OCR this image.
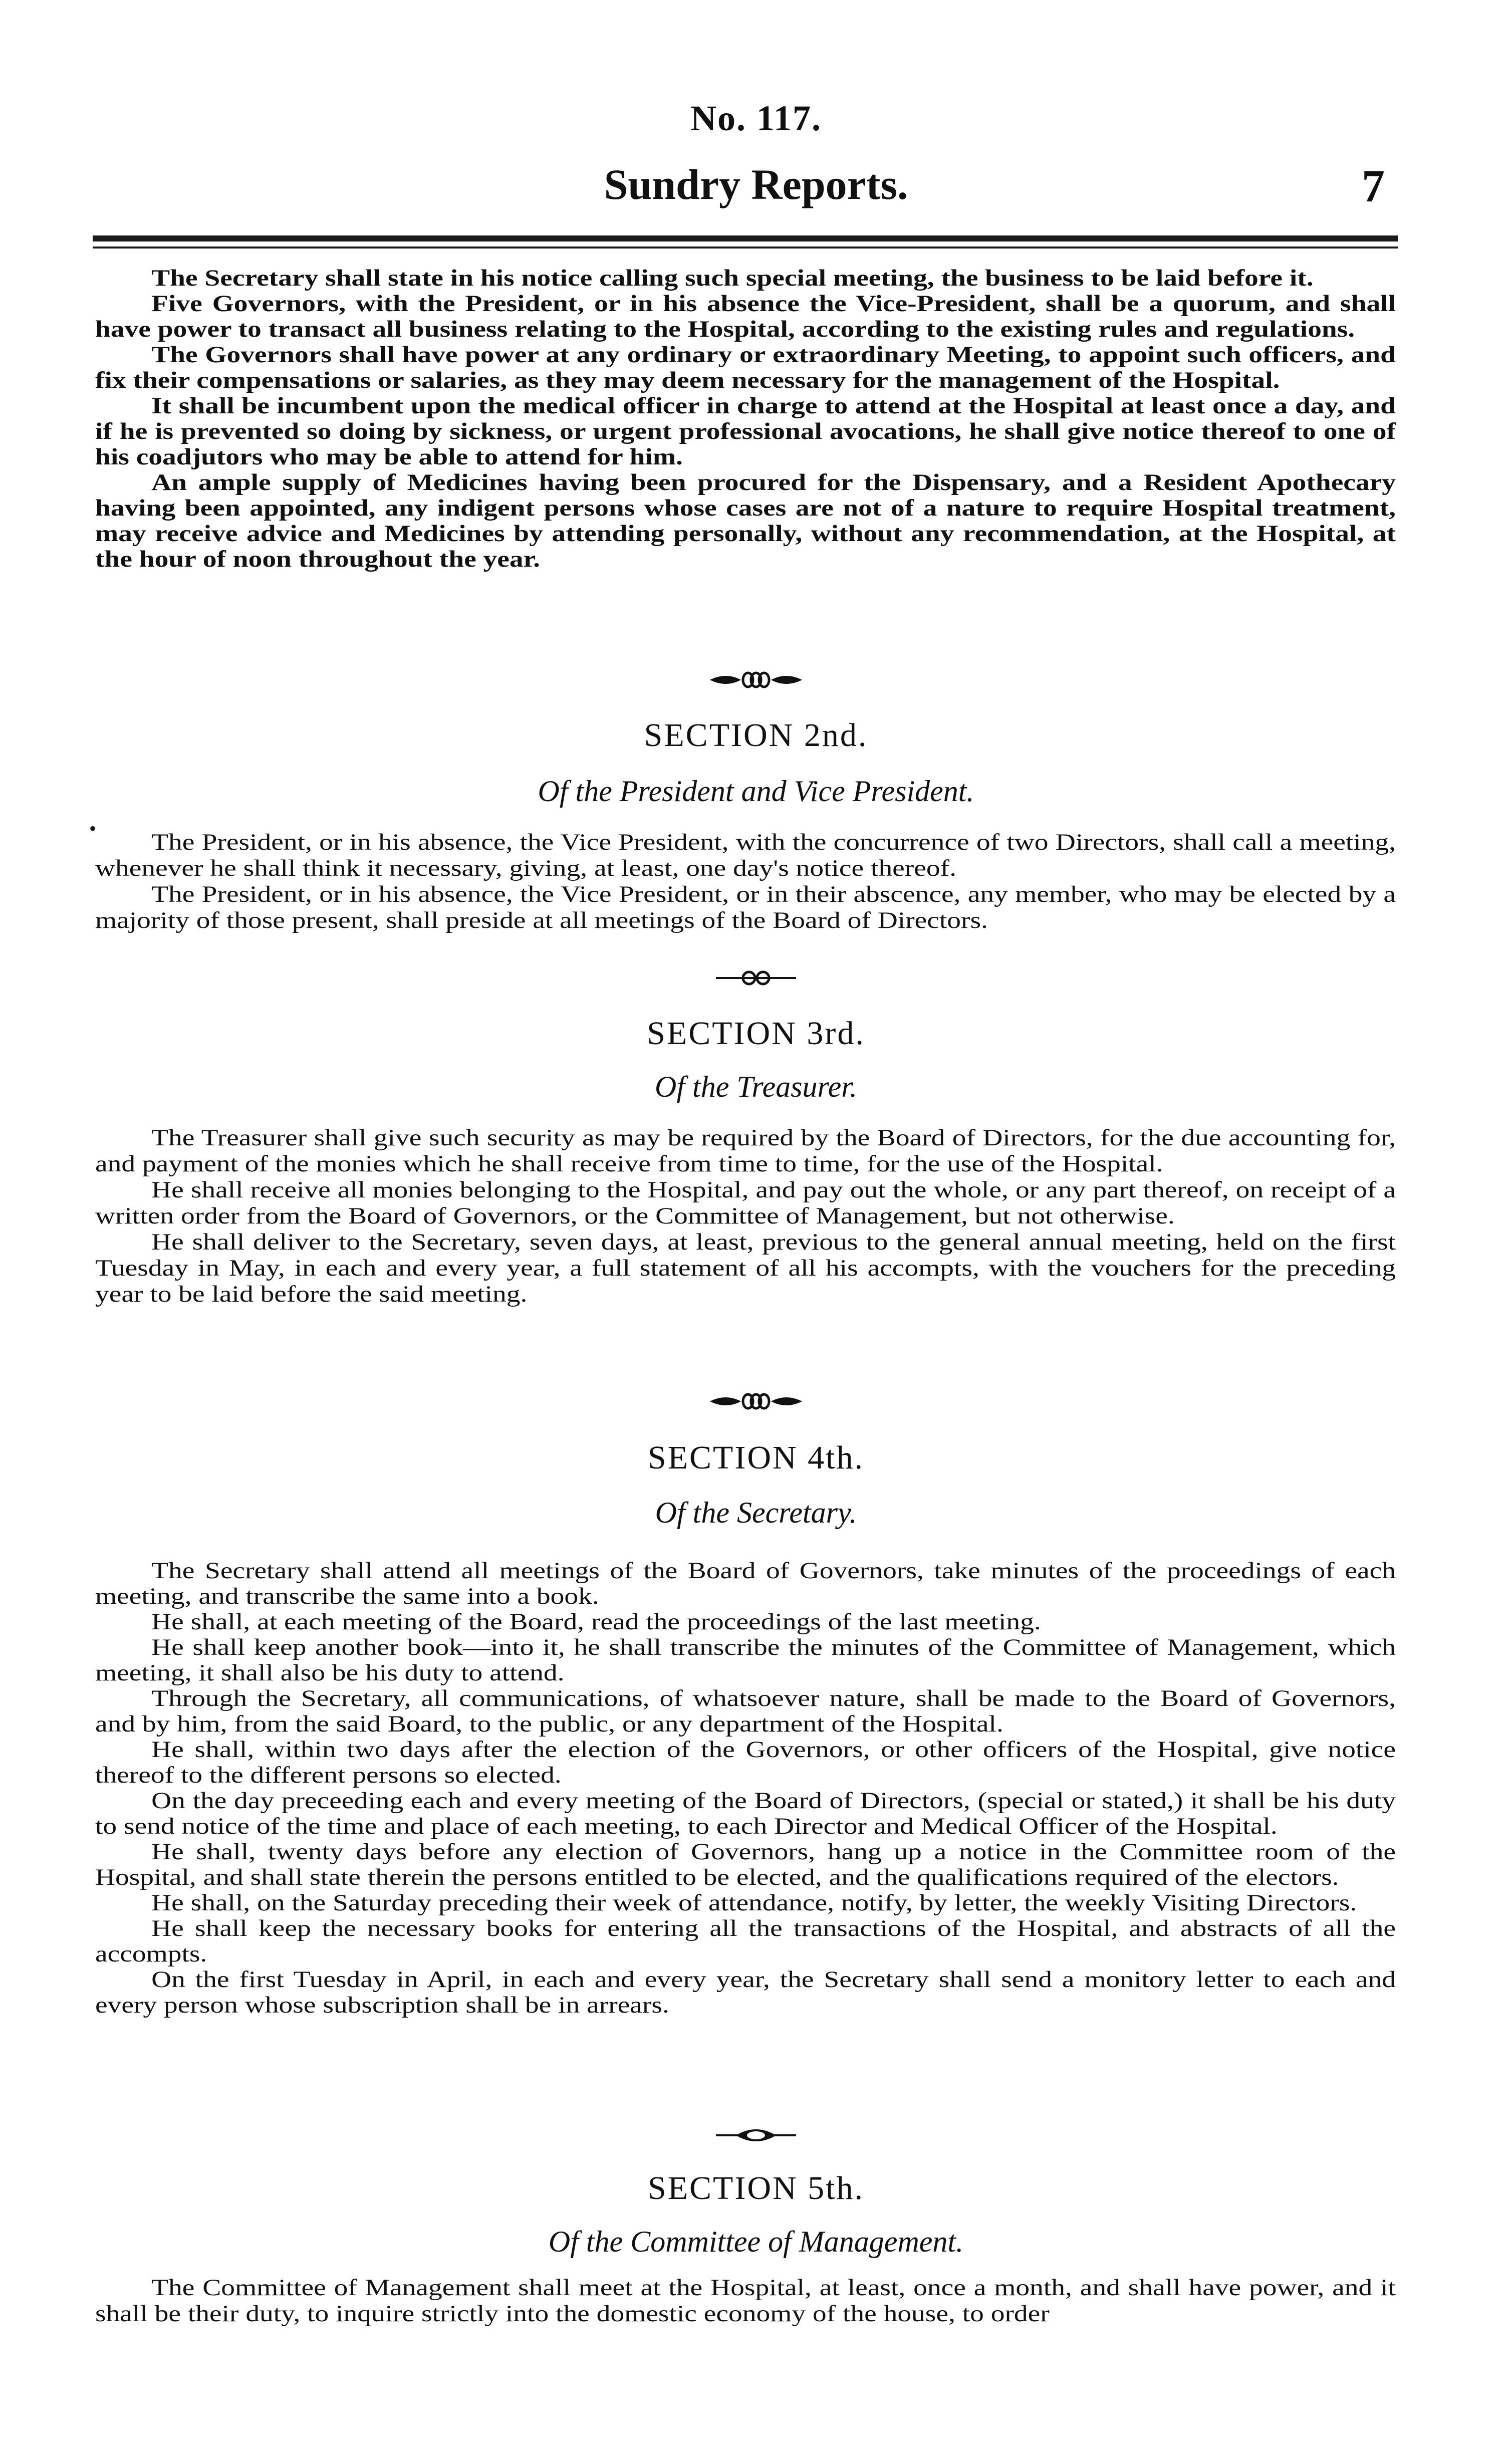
No. 117.
Sundry Reports.	7

The Secretary shall state in his notice calling such special meeting, the business to be laid before it.

Five Governors, with the President, or in his absence the Vice-President, shall be a quorum, and shall have power to transact all business relating to the Hospital, according to the existing rules and regulations.

The Governors shall have power at any ordinary or extraordinary Meeting, to appoint such officers, and fix their compensations or salaries, as they may deem necessary for the management of the Hospital.

It shall be incumbent upon the medical officer in charge to attend at the Hospital at least once a day, and if he is prevented so doing by sickness, or urgent professional avocations, he shall give notice thereof to one of his coadjutors who may be able to attend for him.

An ample supply of Medicines having been procured for the Dispensary, and a Resident Apothecary having been appointed, any indigent persons whose cases are not of a nature to require Hospital treatment, may receive advice and Medicines by attending personally, without any recommendation, at the Hospital, at the hour of noon throughout the year.

SECTION 2nd.
Of the President and Vice President.
•

The President, or in his absence, the Vice President, with the concurrence of two Directors, shall call a meeting, whenever he shall think it necessary, giving, at least, one day's notice thereof.

The President, or in his absence, the Vice President, or in their abscence, any member, who may be elected by a majority of those present, shall preside at all meetings of the Board of Directors.

SECTION 3rd.
Of the Treasurer.

The Treasurer shall give such security as may be required by the Board of Directors, for the due accounting for, and payment of the monies which he shall receive from time to time, for the use of the Hospital.

He shall receive all monies belonging to the Hospital, and pay out the whole, or any part thereof, on receipt of a written order from the Board of Governors, or the Committee of Management, but not otherwise.

He shall deliver to the Secretary, seven days, at least, previous to the general annual meeting, held on the first Tuesday in May, in each and every year, a full statement of all his accompts, with the vouchers for the preceding year to be laid before the said meeting.

SECTION 4th.
Of the Secretary.

The Secretary shall attend all meetings of the Board of Governors, take minutes of the proceedings of each meeting, and transcribe the same into a book.

He shall, at each meeting of the Board, read the proceedings of the last meeting.

He shall keep another book—into it, he shall transcribe the minutes of the Committee of Management, which meeting, it shall also be his duty to attend.

Through the Secretary, all communications, of whatsoever nature, shall be made to the Board of Governors, and by him, from the said Board, to the public, or any department of the Hospital.

He shall, within two days after the election of the Governors, or other officers of the Hospital, give notice thereof to the different persons so elected.

On the day preceeding each and every meeting of the Board of Directors, (special or stated,) it shall be his duty to send notice of the time and place of each meeting, to each Director and Medical Officer of the Hospital.

He shall, twenty days before any election of Governors, hang up a notice in the Committee room of the Hospital, and shall state therein the persons entitled to be elected, and the qualifications required of the electors.

He shall, on the Saturday preceding their week of attendance, notify, by letter, the weekly Visiting Directors.

He shall keep the necessary books for entering all the transactions of the Hospital, and abstracts of all the accompts.

On the first Tuesday in April, in each and every year, the Secretary shall send a monitory letter to each and every person whose subscription shall be in arrears.

SECTION 5th.
Of the Committee of Management.

The Committee of Management shall meet at the Hospital, at least, once a month, and shall have power, and it shall be their duty, to inquire strictly into the domestic economy of the house, to order
